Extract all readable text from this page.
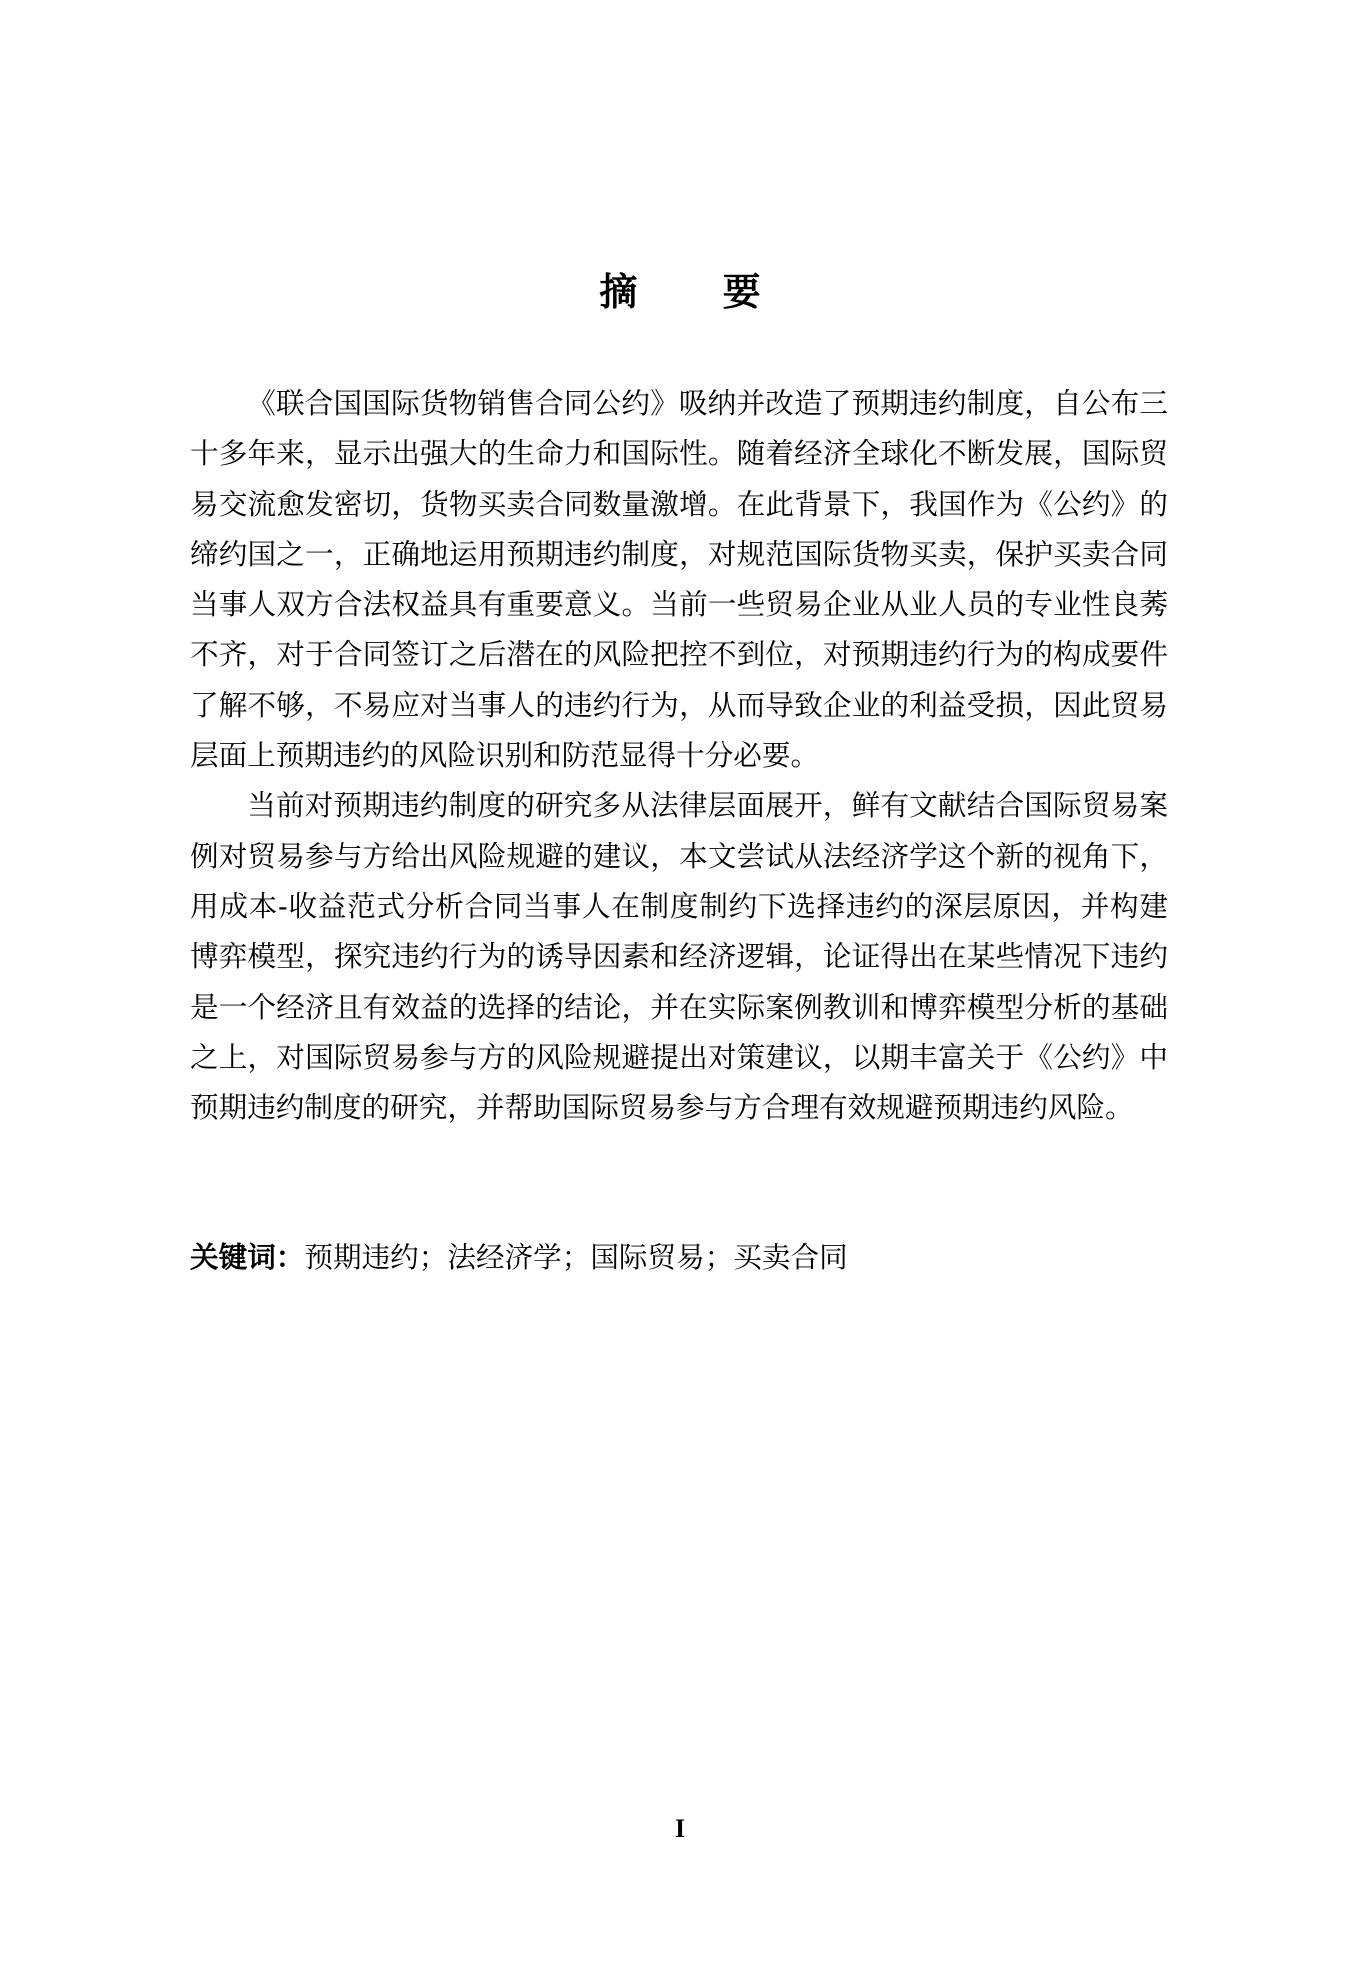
摘 要

《联合国国际货物销售合同公约》吸纳并改造了预期违约制度，自公布三十多年来，显示出强大的生命力和国际性。随着经济全球化不断发展，国际贸易交流愈发密切，货物买卖合同数量激增。在此背景下，我国作为《公约》的缔约国之一，正确地运用预期违约制度，对规范国际货物买卖，保护买卖合同当事人双方合法权益具有重要意义。当前一些贸易企业从业人员的专业性良莠不齐，对于合同签订之后潜在的风险把控不到位，对预期违约行为的构成要件了解不够，不易应对当事人的违约行为，从而导致企业的利益受损，因此贸易层面上预期违约的风险识别和防范显得十分必要。

当前对预期违约制度的研究多从法律层面展开，鲜有文献结合国际贸易案例对贸易参与方给出风险规避的建议，本文尝试从法经济学这个新的视角下，用成本-收益范式分析合同当事人在制度制约下选择违约的深层原因，并构建博弈模型，探究违约行为的诱导因素和经济逻辑，论证得出在某些情况下违约是一个经济且有效益的选择的结论，并在实际案例教训和博弈模型分析的基础之上，对国际贸易参与方的风险规避提出对策建议，以期丰富关于《公约》中预期违约制度的研究，并帮助国际贸易参与方合理有效规避预期违约风险。

关键词：预期违约；法经济学；国际贸易；买卖合同
I
